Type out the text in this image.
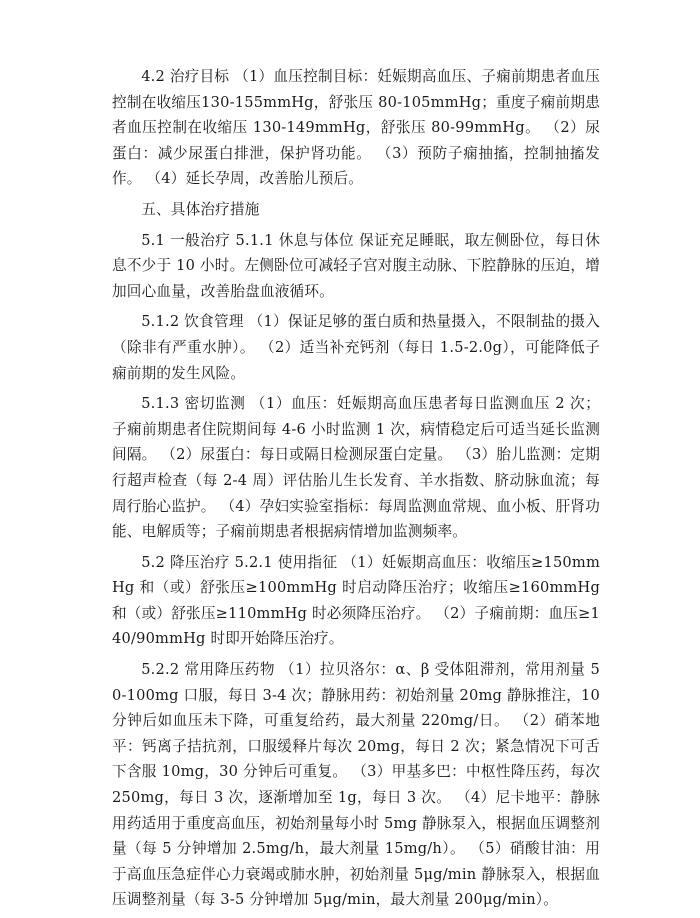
4.2 治疗目标 （1）血压控制目标：妊娠期高血压、子痫前期患者血压控制在收缩压130-155mmHg，舒张压 80-105mmHg；重度子痫前期患者血压控制在收缩压 130-149mmHg，舒张压 80-99mmHg。 （2）尿蛋白：减少尿蛋白排泄，保护肾功能。 （3）预防子痫抽搐，控制抽搐发作。 （4）延长孕周，改善胎儿预后。

五、具体治疗措施

5.1 一般治疗 5.1.1 休息与体位 保证充足睡眠，取左侧卧位，每日休息不少于 10 小时。左侧卧位可减轻子宫对腹主动脉、下腔静脉的压迫，增加回心血量，改善胎盘血液循环。

5.1.2 饮食管理 （1）保证足够的蛋白质和热量摄入，不限制盐的摄入（除非有严重水肿）。 （2）适当补充钙剂（每日 1.5-2.0g），可能降低子痫前期的发生风险。

5.1.3 密切监测 （1）血压：妊娠期高血压患者每日监测血压 2 次；子痫前期患者住院期间每 4-6 小时监测 1 次，病情稳定后可适当延长监测间隔。 （2）尿蛋白：每日或隔日检测尿蛋白定量。 （3）胎儿监测：定期行超声检查（每 2-4 周）评估胎儿生长发育、羊水指数、脐动脉血流；每周行胎心监护。 （4）孕妇实验室指标：每周监测血常规、血小板、肝肾功能、电解质等；子痫前期患者根据病情增加监测频率。

5.2 降压治疗 5.2.1 使用指征 （1）妊娠期高血压：收缩压≥150mmHg 和（或）舒张压≥100mmHg 时启动降压治疗；收缩压≥160mmHg 和（或）舒张压≥110mmHg 时必须降压治疗。 （2）子痫前期：血压≥140/90mmHg 时即开始降压治疗。

5.2.2 常用降压药物 （1）拉贝洛尔：α、β 受体阻滞剂，常用剂量 50-100mg 口服，每日 3-4 次；静脉用药：初始剂量 20mg 静脉推注，10 分钟后如血压未下降，可重复给药，最大剂量 220mg/日。 （2）硝苯地平：钙离子拮抗剂，口服缓释片每次 20mg，每日 2 次；紧急情况下可舌下含服 10mg，30 分钟后可重复。 （3）甲基多巴：中枢性降压药，每次 250mg，每日 3 次，逐渐增加至 1g，每日 3 次。 （4）尼卡地平：静脉用药适用于重度高血压，初始剂量每小时 5mg 静脉泵入，根据血压调整剂量（每 5 分钟增加 2.5mg/h，最大剂量 15mg/h）。 （5）硝酸甘油：用于高血压急症伴心力衰竭或肺水肿，初始剂量 5μg/min 静脉泵入，根据血压调整剂量（每 3-5 分钟增加 5μg/min，最大剂量 200μg/min）。
